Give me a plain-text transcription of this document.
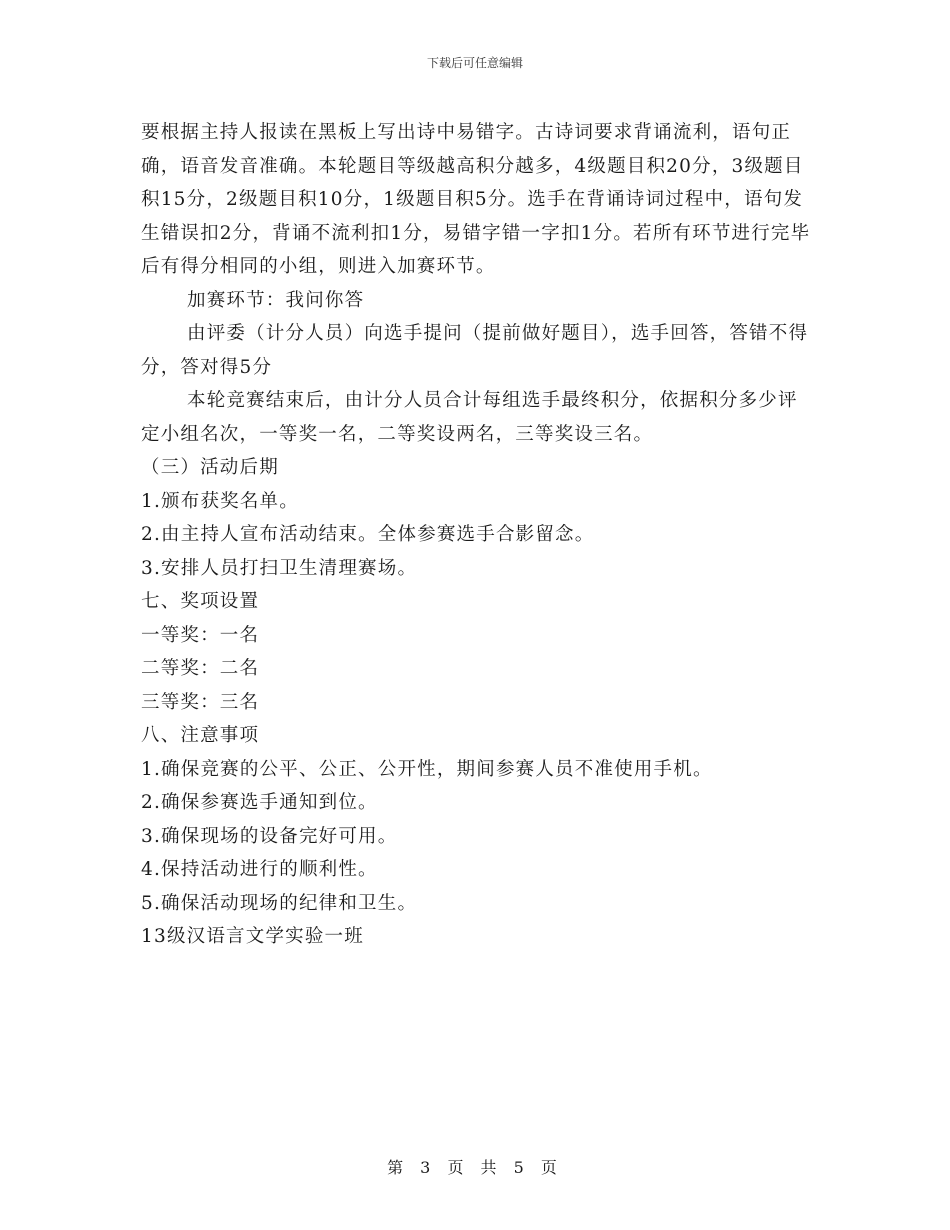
下载后可任意编辑

要根据主持人报读在黑板上写出诗中易错字。古诗词要求背诵流利，语句正确，语音发音准确。本轮题目等级越高积分越多，4级题目积20分，3级题目积15分，2级题目积10分，1级题目积5分。选手在背诵诗词过程中，语句发生错误扣2分，背诵不流利扣1分，易错字错一字扣1分。若所有环节进行完毕后有得分相同的小组，则进入加赛环节。

加赛环节：我问你答

由评委（计分人员）向选手提问（提前做好题目），选手回答，答错不得分，答对得5分

本轮竞赛结束后，由计分人员合计每组选手最终积分，依据积分多少评定小组名次，一等奖一名，二等奖设两名，三等奖设三名。

（三）活动后期

1.颁布获奖名单。

2.由主持人宣布活动结束。全体参赛选手合影留念。

3.安排人员打扫卫生清理赛场。

七、奖项设置

一等奖：一名

二等奖：二名

三等奖：三名

八、注意事项

1.确保竞赛的公平、公正、公开性，期间参赛人员不准使用手机。

2.确保参赛选手通知到位。

3.确保现场的设备完好可用。

4.保持活动进行的顺利性。

5.确保活动现场的纪律和卫生。

13级汉语言文学实验一班

第 3 页 共 5 页
